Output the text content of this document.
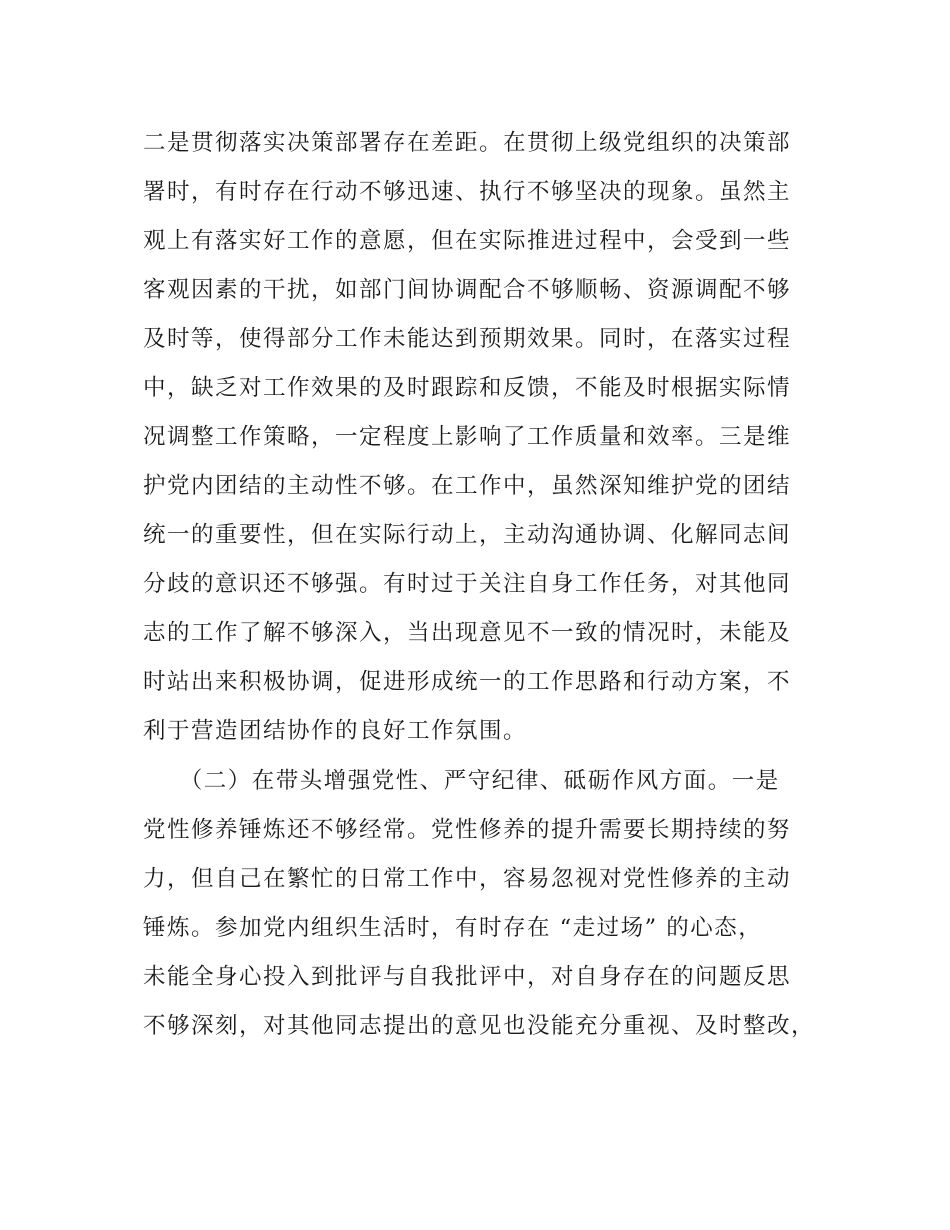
二是贯彻落实决策部署存在差距。在贯彻上级党组织的决策部
署时，有时存在行动不够迅速、执行不够坚决的现象。虽然主
观上有落实好工作的意愿，但在实际推进过程中，会受到一些
客观因素的干扰，如部门间协调配合不够顺畅、资源调配不够
及时等，使得部分工作未能达到预期效果。同时，在落实过程
中，缺乏对工作效果的及时跟踪和反馈，不能及时根据实际情
况调整工作策略，一定程度上影响了工作质量和效率。三是维
护党内团结的主动性不够。在工作中，虽然深知维护党的团结
统一的重要性，但在实际行动上，主动沟通协调、化解同志间
分歧的意识还不够强。有时过于关注自身工作任务，对其他同
志的工作了解不够深入，当出现意见不一致的情况时，未能及
时站出来积极协调，促进形成统一的工作思路和行动方案，不
利于营造团结协作的良好工作氛围。
　　（二）在带头增强党性、严守纪律、砥砺作风方面。一是
党性修养锤炼还不够经常。党性修养的提升需要长期持续的努
力，但自己在繁忙的日常工作中，容易忽视对党性修养的主动
锤炼。参加党内组织生活时，有时存在 “走过场” 的心态，
未能全身心投入到批评与自我批评中，对自身存在的问题反思
不够深刻，对其他同志提出的意见也没能充分重视、及时整改，
